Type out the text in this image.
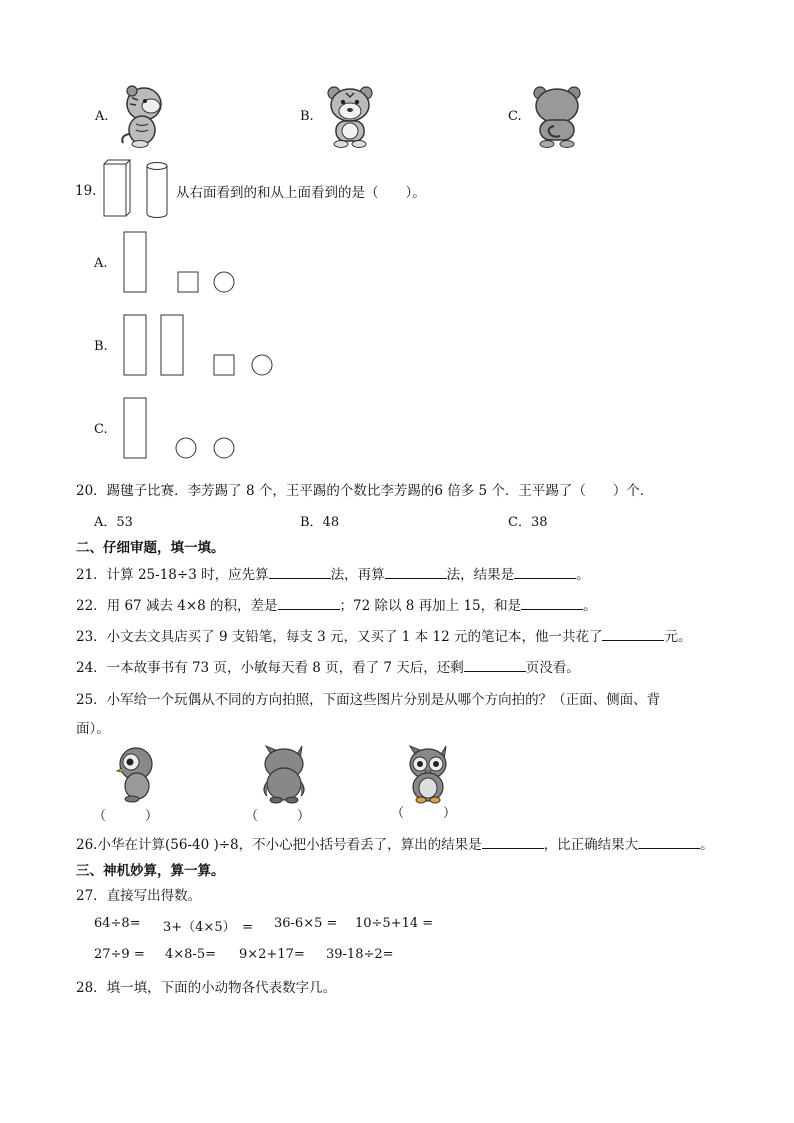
A.	B.	C.
19.	从右面看到的和从上面看到的是（　　）。
A.
B.
C.
20．踢毽子比赛．李芳踢了 8 个，王平踢的个数比李芳踢的6 倍多 5 个．王平踢了（　　）个．
A．53	B．48	C．38
二、仔细审题，填一填。
21．计算 25-18÷3 时，应先算	法，再算	法，结果是	。
22．用 67 减去 4×8 的积，差是	；72 除以 8 再加上 15，和是	。
23．小文去文具店买了 9 支铅笔，每支 3 元，又买了 1 本 12 元的笔记本，他一共花了	元。
24．一本故事书有 73 页，小敏每天看 8 页，看了 7 天后，还剩	页没看。
25．小军给一个玩偶从不同的方向拍照，下面这些图片分别是从哪个方向拍的？（正面、侧面、背
面）。
（　　　）	（　　　）	（　　　）
26.小华在计算(56-40 )÷8，不小心把小括号看丢了，算出的结果是	，比正确结果大	。
三、神机妙算，算一算。
27．直接写出得数。
64÷8= 3+（4×5）　= 36-6×5 = 10÷5+14 =
27÷9 = 4×8-5= 9×2+17= 39-18÷2=
28．填一填，下面的小动物各代表数字几。
